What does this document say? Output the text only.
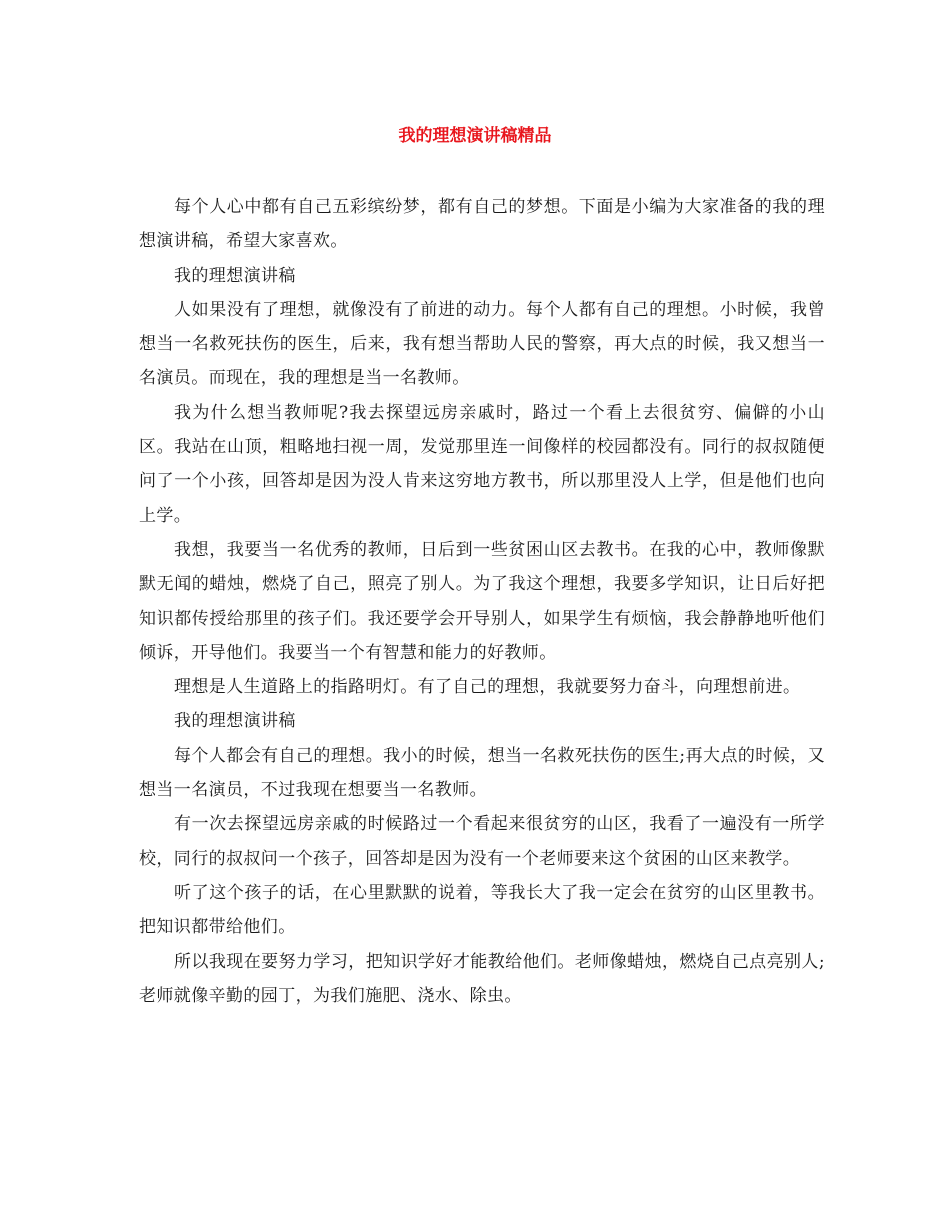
我的理想演讲稿精品

每个人心中都有自己五彩缤纷梦，都有自己的梦想。下面是小编为大家准备的我的理想演讲稿，希望大家喜欢。

我的理想演讲稿

人如果没有了理想，就像没有了前进的动力。每个人都有自己的理想。小时候，我曾想当一名救死扶伤的医生，后来，我有想当帮助人民的警察，再大点的时候，我又想当一名演员。而现在，我的理想是当一名教师。

我为什么想当教师呢?我去探望远房亲戚时，路过一个看上去很贫穷、偏僻的小山区。我站在山顶，粗略地扫视一周，发觉那里连一间像样的校园都没有。同行的叔叔随便问了一个小孩，回答却是因为没人肯来这穷地方教书，所以那里没人上学，但是他们也向上学。

我想，我要当一名优秀的教师，日后到一些贫困山区去教书。在我的心中，教师像默默无闻的蜡烛，燃烧了自己，照亮了别人。为了我这个理想，我要多学知识，让日后好把知识都传授给那里的孩子们。我还要学会开导别人，如果学生有烦恼，我会静静地听他们倾诉，开导他们。我要当一个有智慧和能力的好教师。

理想是人生道路上的指路明灯。有了自己的理想，我就要努力奋斗，向理想前进。

我的理想演讲稿

每个人都会有自己的理想。我小的时候，想当一名救死扶伤的医生;再大点的时候，又想当一名演员，不过我现在想要当一名教师。

有一次去探望远房亲戚的时候路过一个看起来很贫穷的山区，我看了一遍没有一所学校，同行的叔叔问一个孩子，回答却是因为没有一个老师要来这个贫困的山区来教学。

听了这个孩子的话，在心里默默的说着，等我长大了我一定会在贫穷的山区里教书。把知识都带给他们。

所以我现在要努力学习，把知识学好才能教给他们。老师像蜡烛，燃烧自己点亮别人;老师就像辛勤的园丁，为我们施肥、浇水、除虫。
